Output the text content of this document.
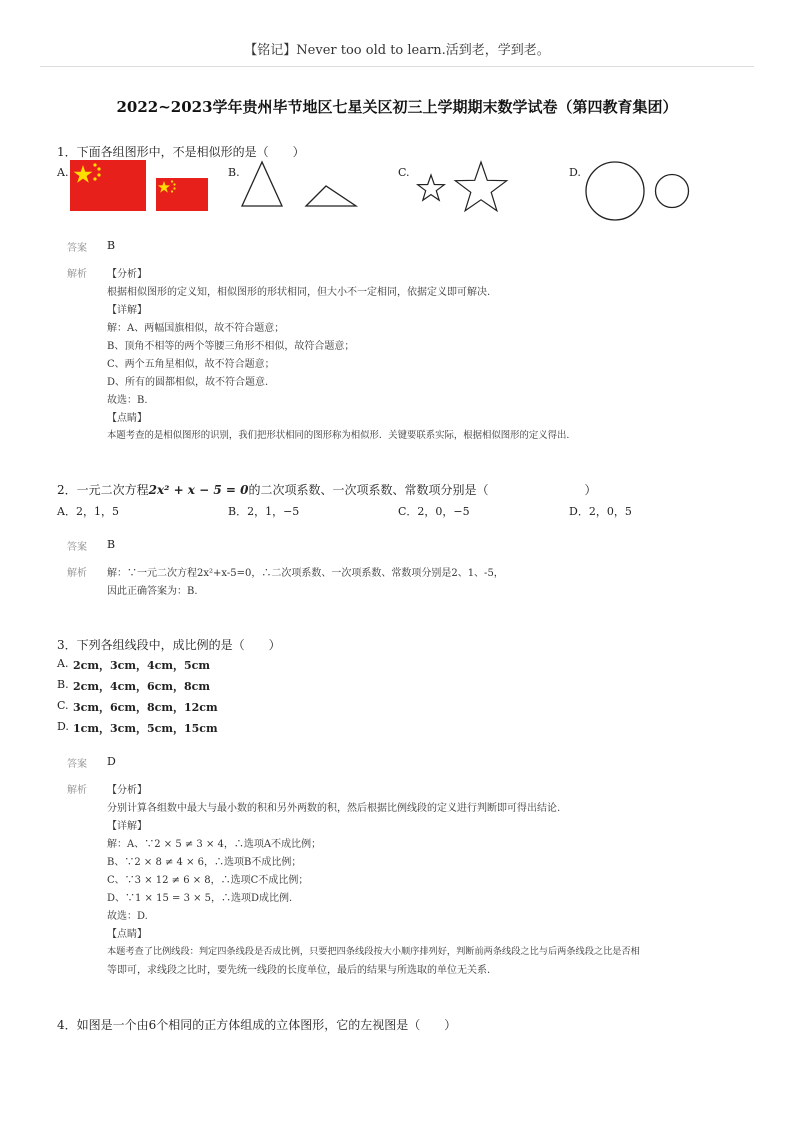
【铭记】Never too old to learn.活到老，学到老。
2022~2023学年贵州毕节地区七星关区初三上学期期末数学试卷（第四教育集团）
1．下面各组图形中，不是相似形的是（　　）
A.	B.	C.	D.
答案 B
解析 【分析】
根据相似图形的定义知，相似图形的形状相同，但大小不一定相同，依据定义即可解决.
【详解】
解：A、两幅国旗相似，故不符合题意；
B、顶角不相等的两个等腰三角形不相似，故符合题意；
C、两个五角星相似，故不符合题意；
D、所有的圆都相似，故不符合题意.
故选：B.
【点睛】
本题考查的是相似图形的识别，我们把形状相同的图形称为相似形．关键要联系实际，根据相似图形的定义得出.
2．一元二次方程2x² + x − 5 = 0的二次项系数、一次项系数、常数项分别是（　　　　　　　　）
A．2，1，5	B．2，1，−5	C．2，0，−5	D．2，0，5
答案 B
解析 解：∵一元二次方程2x²+x-5=0，∴二次项系数、一次项系数、常数项分别是2、1、-5，
因此正确答案为：B.
3．下列各组线段中，成比例的是（　　）
A. 2cm，3cm，4cm，5cm
B. 2cm，4cm，6cm，8cm
C. 3cm，6cm，8cm，12cm
D. 1cm，3cm，5cm，15cm
答案 D
解析 【分析】
分别计算各组数中最大与最小数的积和另外两数的积，然后根据比例线段的定义进行判断即可得出结论.
【详解】
解：A、∵2 × 5 ≠ 3 × 4，∴选项A不成比例；
B、∵2 × 8 ≠ 4 × 6，∴选项B不成比例；
C、∵3 × 12 ≠ 6 × 8，∴选项C不成比例；
D、∵1 × 15 = 3 × 5，∴选项D成比例.
故选：D.
【点睛】
本题考查了比例线段：判定四条线段是否成比例，只要把四条线段按大小顺序排列好，判断前两条线段之比与后两条线段之比是否相
等即可，求线段之比时，要先统一线段的长度单位，最后的结果与所选取的单位无关系.
4．如图是一个由6个相同的正方体组成的立体图形，它的左视图是（　　）
